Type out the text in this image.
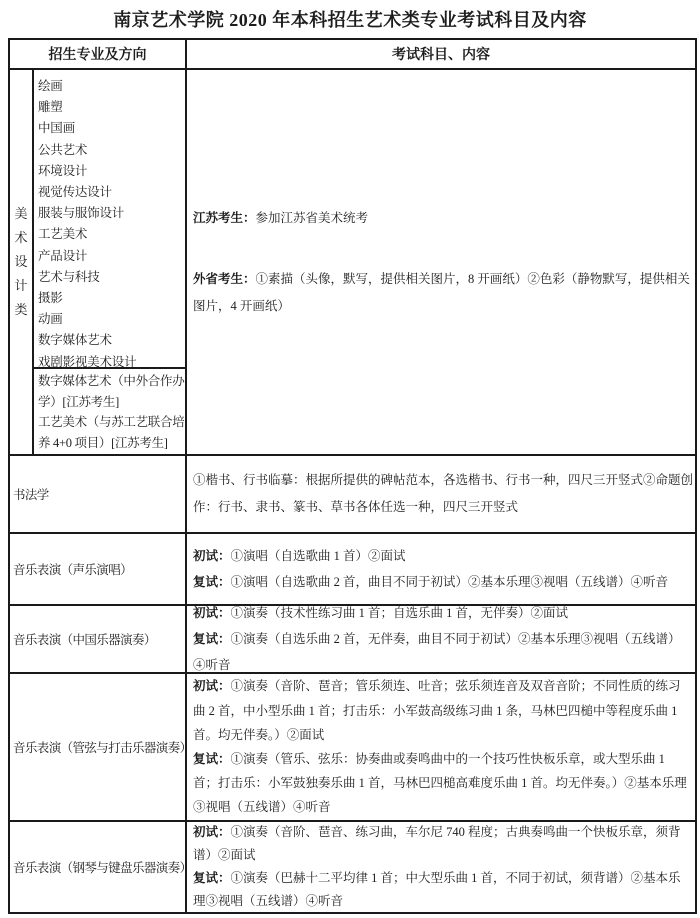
南京艺术学院 2020 年本科招生艺术类专业考试科目及内容
招生专业及方向	考试科目、内容
美术设计类
绘画
雕塑
中国画
公共艺术
环境设计
视觉传达设计
服装与服饰设计
工艺美术
产品设计
艺术与科技
摄影
动画
数字媒体艺术
戏剧影视美术设计
数字媒体艺术（中外合作办学）[江苏考生]
工艺美术（与苏工艺联合培养 4+0 项目）[江苏考生]

江苏考生：参加江苏省美术统考

外省考生：①素描（头像，默写，提供相关图片，8 开画纸）②色彩（静物默写，提供相关图片，4 开画纸）

书法学

①楷书、行书临摹：根据所提供的碑帖范本，各选楷书、行书一种，四尺三开竖式②命题创作：行书、隶书、篆书、草书各体任选一种，四尺三开竖式

音乐表演（声乐演唱）

初试：①演唱（自选歌曲 1 首）②面试

复试：①演唱（自选歌曲 2 首，曲目不同于初试）②基本乐理③视唱（五线谱）④听音

音乐表演（中国乐器演奏）

初试：①演奏（技术性练习曲 1 首；自选乐曲 1 首，无伴奏）②面试

复试：①演奏（自选乐曲 2 首，无伴奏，曲目不同于初试）②基本乐理③视唱（五线谱）④听音

音乐表演（管弦与打击乐器演奏）

初试：①演奏（音阶、琶音；管乐须连、吐音；弦乐须连音及双音音阶；不同性质的练习曲 2 首，中小型乐曲 1 首；打击乐：小军鼓高级练习曲 1 条，马林巴四槌中等程度乐曲 1 首。均无伴奏。）②面试

复试：①演奏（管乐、弦乐：协奏曲或奏鸣曲中的一个技巧性快板乐章，或大型乐曲 1 首；打击乐：小军鼓独奏乐曲 1 首，马林巴四槌高难度乐曲 1 首。均无伴奏。）②基本乐理③视唱（五线谱）④听音

音乐表演（钢琴与键盘乐器演奏）

初试：①演奏（音阶、琶音、练习曲，车尔尼 740 程度；古典奏鸣曲一个快板乐章，须背谱）②面试

复试：①演奏（巴赫十二平均律 1 首；中大型乐曲 1 首，不同于初试，须背谱）②基本乐理③视唱（五线谱）④听音
